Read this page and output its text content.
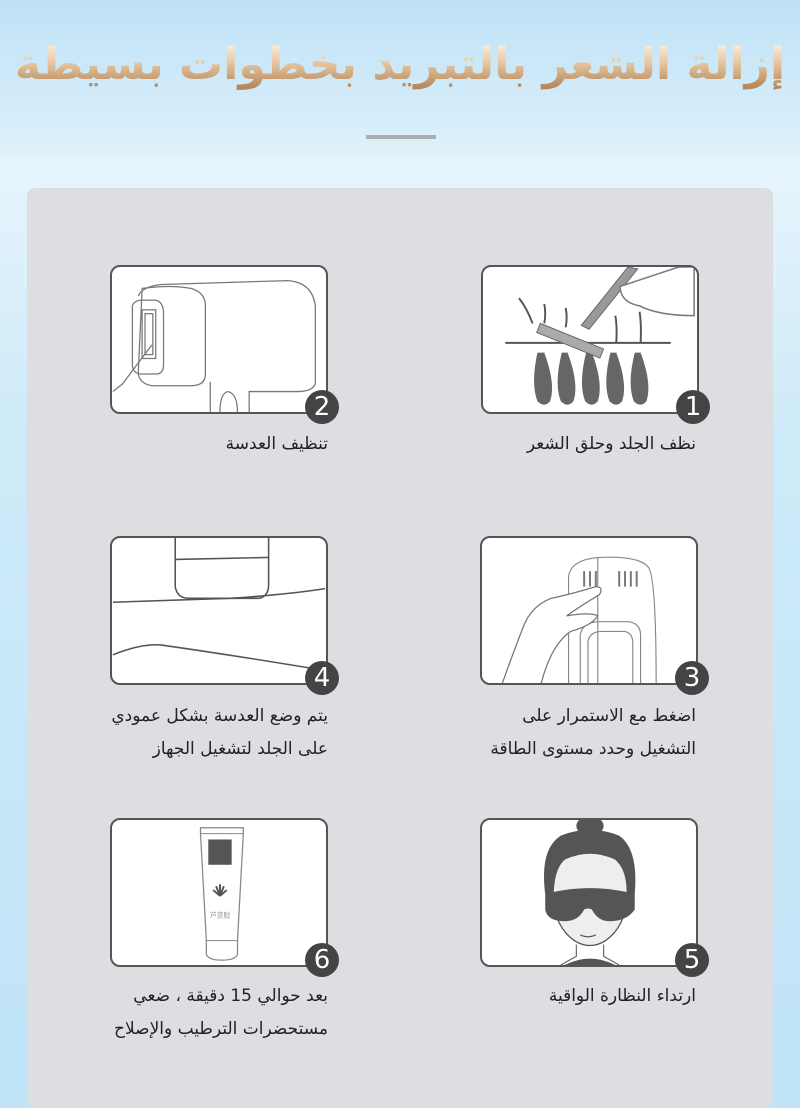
إزالة الشعر بالتبريد بخطوات بسيطة
1
نظف الجلد وحلق الشعر
2
تنظيف العدسة
3
اضغط مع الاستمرار على
التشغيل وحدد مستوى الطاقة
4
يتم وضع العدسة بشكل عمودي
على الجلد لتشغيل الجهاز
5
ارتداء النظارة الواقية
芦荟胶
6
بعد حوالي 15 دقيقة ، ضعي
مستحضرات الترطيب والإصلاح
